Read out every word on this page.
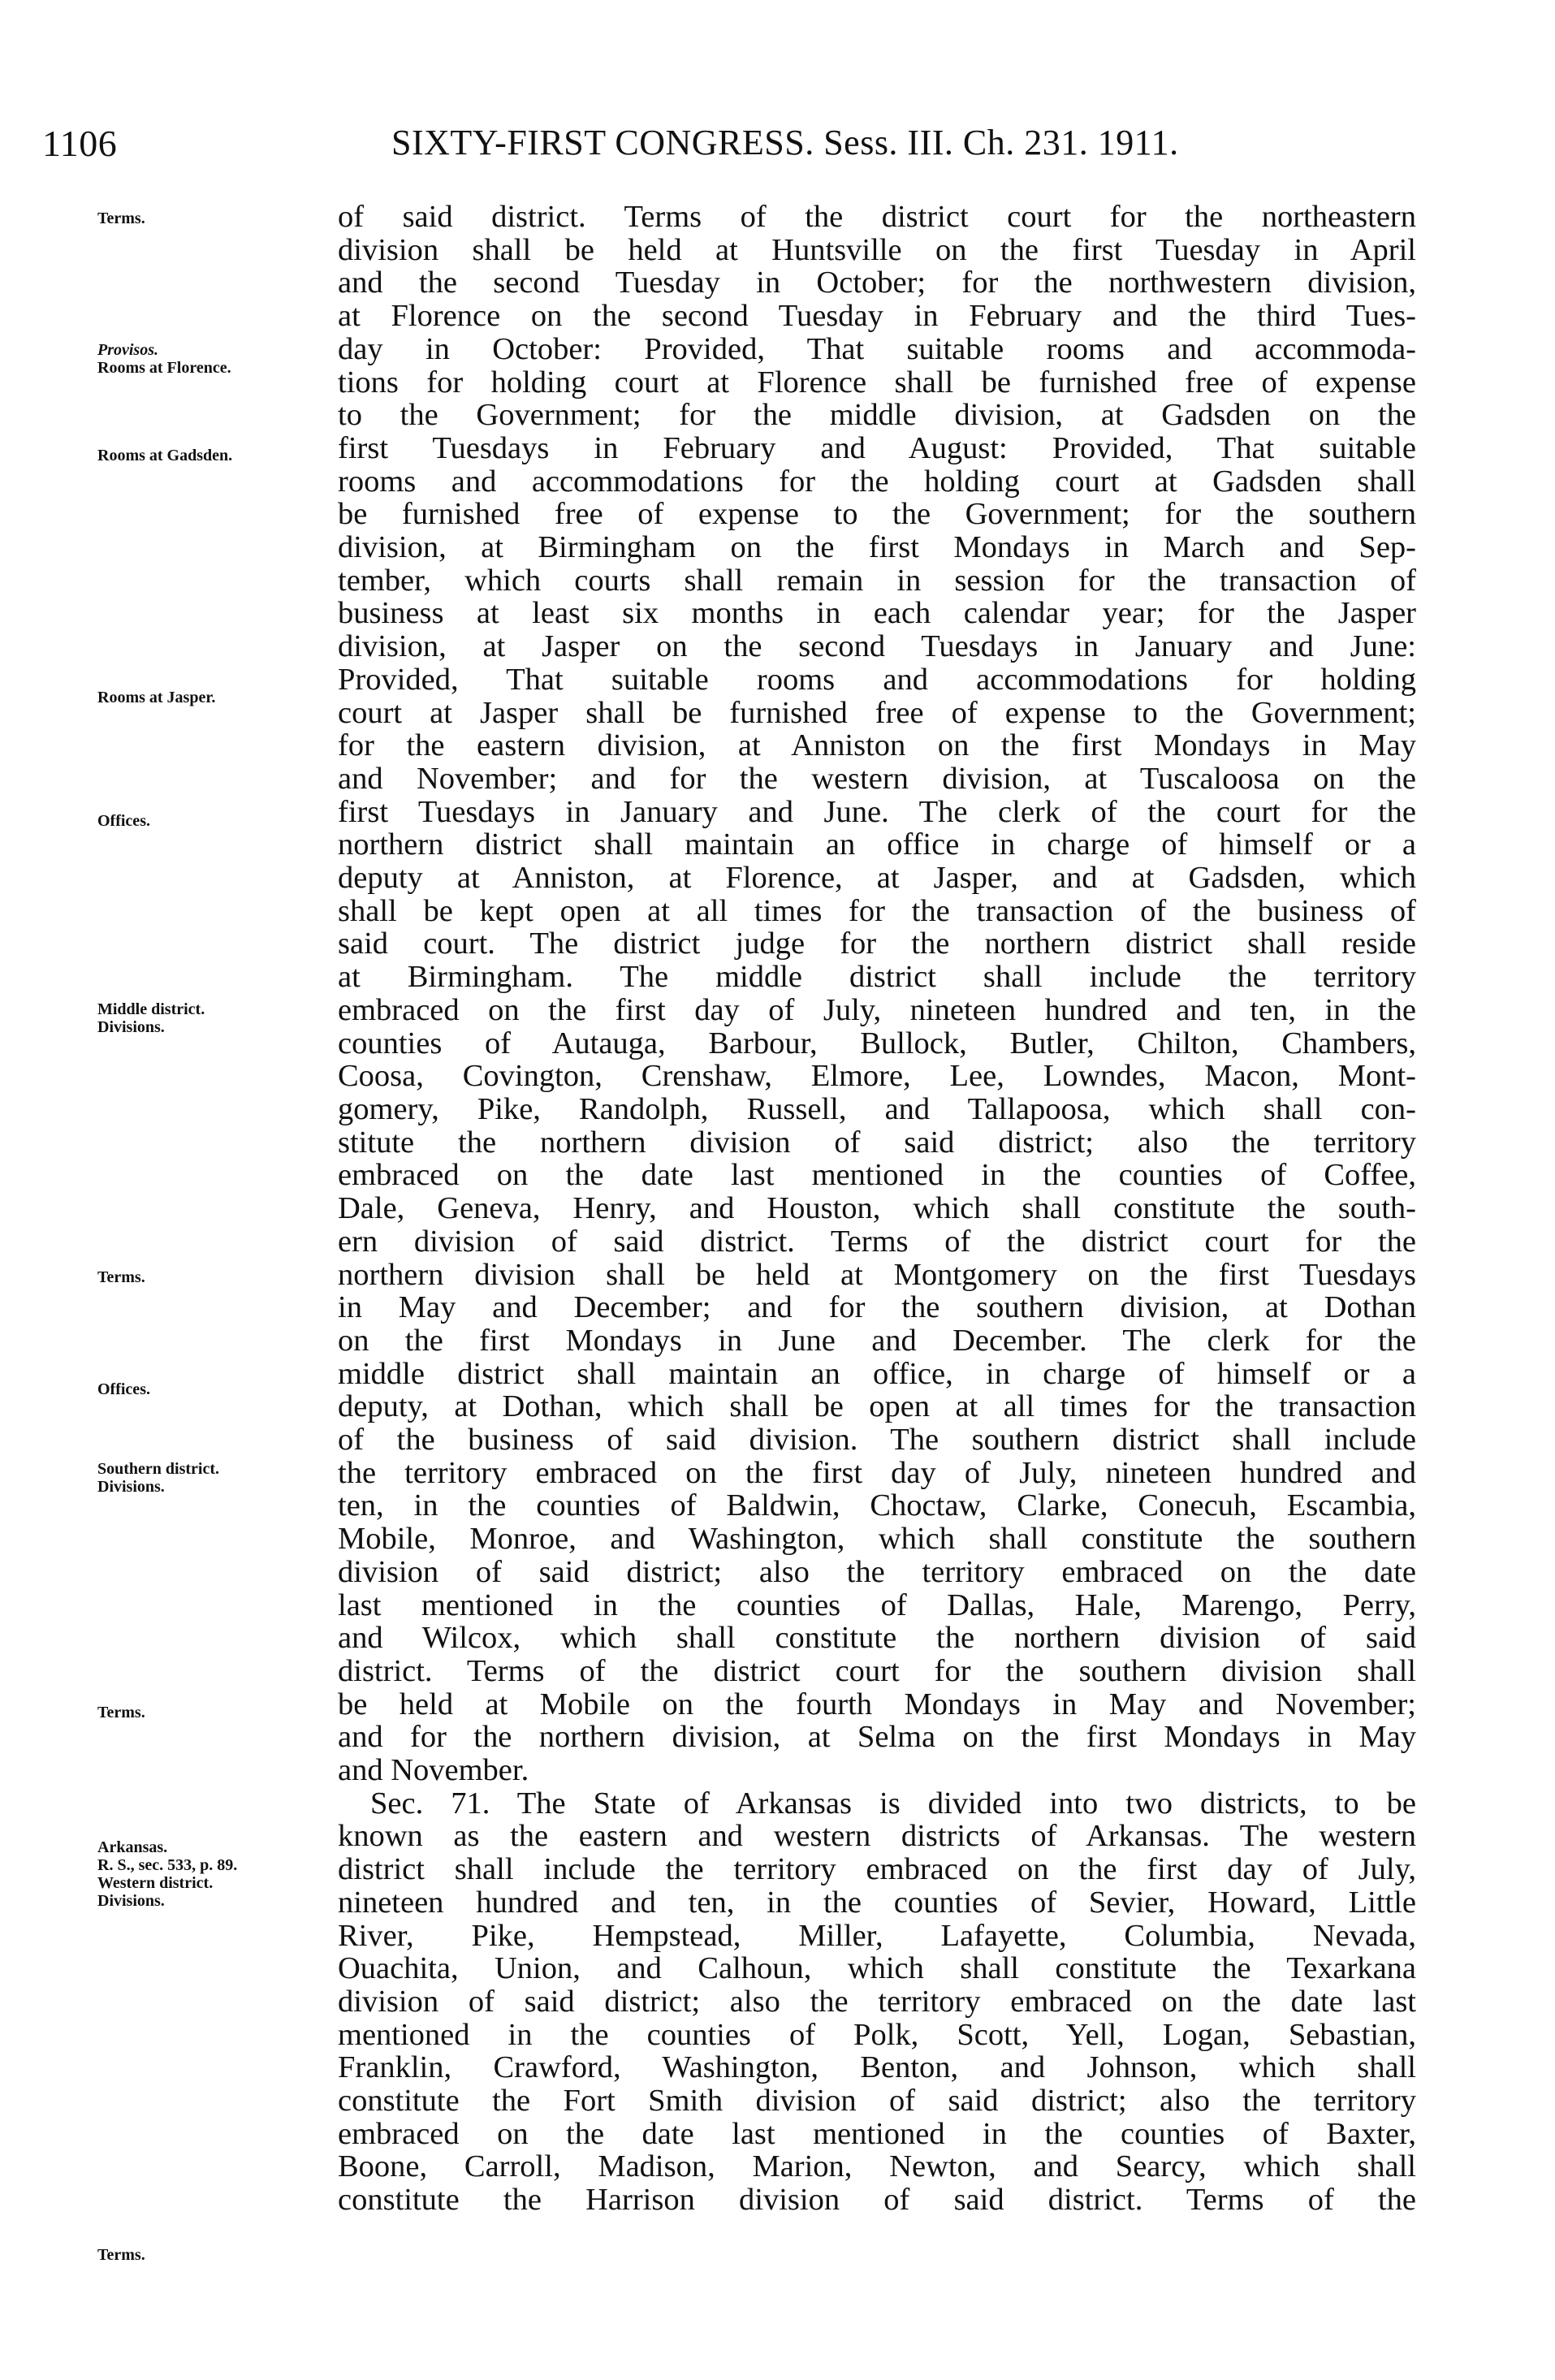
1106	SIXTY-FIRST CONGRESS. Sess. III. Ch. 231. 1911.
Terms.
Provisos.
Rooms at Florence.
Rooms at Gadsden.
Rooms at Jasper.
Offices.
Middle district.
Divisions.
Terms.
Offices.
Southern district.
Divisions.
Terms.
Arkansas.
R. S., sec. 533, p. 89.
Western district.
Divisions.
Terms.

of said district. Terms of the district court for the northeastern

division shall be held at Huntsville on the first Tuesday in April

and the second Tuesday in October; for the northwestern division,

at Florence on the second Tuesday in February and the third Tues-

day in October: Provided, That suitable rooms and accommoda-

tions for holding court at Florence shall be furnished free of expense

to the Government; for the middle division, at Gadsden on the

first Tuesdays in February and August: Provided, That suitable

rooms and accommodations for the holding court at Gadsden shall

be furnished free of expense to the Government; for the southern

division, at Birmingham on the first Mondays in March and Sep-

tember, which courts shall remain in session for the transaction of

business at least six months in each calendar year; for the Jasper

division, at Jasper on the second Tuesdays in January and June:

Provided, That suitable rooms and accommodations for holding

court at Jasper shall be furnished free of expense to the Government;

for the eastern division, at Anniston on the first Mondays in May

and November; and for the western division, at Tuscaloosa on the

first Tuesdays in January and June. The clerk of the court for the

northern district shall maintain an office in charge of himself or a

deputy at Anniston, at Florence, at Jasper, and at Gadsden, which

shall be kept open at all times for the transaction of the business of

said court. The district judge for the northern district shall reside

at Birmingham. The middle district shall include the territory

embraced on the first day of July, nineteen hundred and ten, in the

counties of Autauga, Barbour, Bullock, Butler, Chilton, Chambers,

Coosa, Covington, Crenshaw, Elmore, Lee, Lowndes, Macon, Mont-

gomery, Pike, Randolph, Russell, and Tallapoosa, which shall con-

stitute the northern division of said district; also the territory

embraced on the date last mentioned in the counties of Coffee,

Dale, Geneva, Henry, and Houston, which shall constitute the south-

ern division of said district. Terms of the district court for the

northern division shall be held at Montgomery on the first Tuesdays

in May and December; and for the southern division, at Dothan

on the first Mondays in June and December. The clerk for the

middle district shall maintain an office, in charge of himself or a

deputy, at Dothan, which shall be open at all times for the transaction

of the business of said division. The southern district shall include

the territory embraced on the first day of July, nineteen hundred and

ten, in the counties of Baldwin, Choctaw, Clarke, Conecuh, Escambia,

Mobile, Monroe, and Washington, which shall constitute the southern

division of said district; also the territory embraced on the date

last mentioned in the counties of Dallas, Hale, Marengo, Perry,

and Wilcox, which shall constitute the northern division of said

district. Terms of the district court for the southern division shall

be held at Mobile on the fourth Mondays in May and November;

and for the northern division, at Selma on the first Mondays in May

and November.

Sec. 71. The State of Arkansas is divided into two districts, to be

known as the eastern and western districts of Arkansas. The western

district shall include the territory embraced on the first day of July,

nineteen hundred and ten, in the counties of Sevier, Howard, Little

River, Pike, Hempstead, Miller, Lafayette, Columbia, Nevada,

Ouachita, Union, and Calhoun, which shall constitute the Texarkana

division of said district; also the territory embraced on the date last

mentioned in the counties of Polk, Scott, Yell, Logan, Sebastian,

Franklin, Crawford, Washington, Benton, and Johnson, which shall

constitute the Fort Smith division of said district; also the territory

embraced on the date last mentioned in the counties of Baxter,

Boone, Carroll, Madison, Marion, Newton, and Searcy, which shall

constitute the Harrison division of said district. Terms of the
